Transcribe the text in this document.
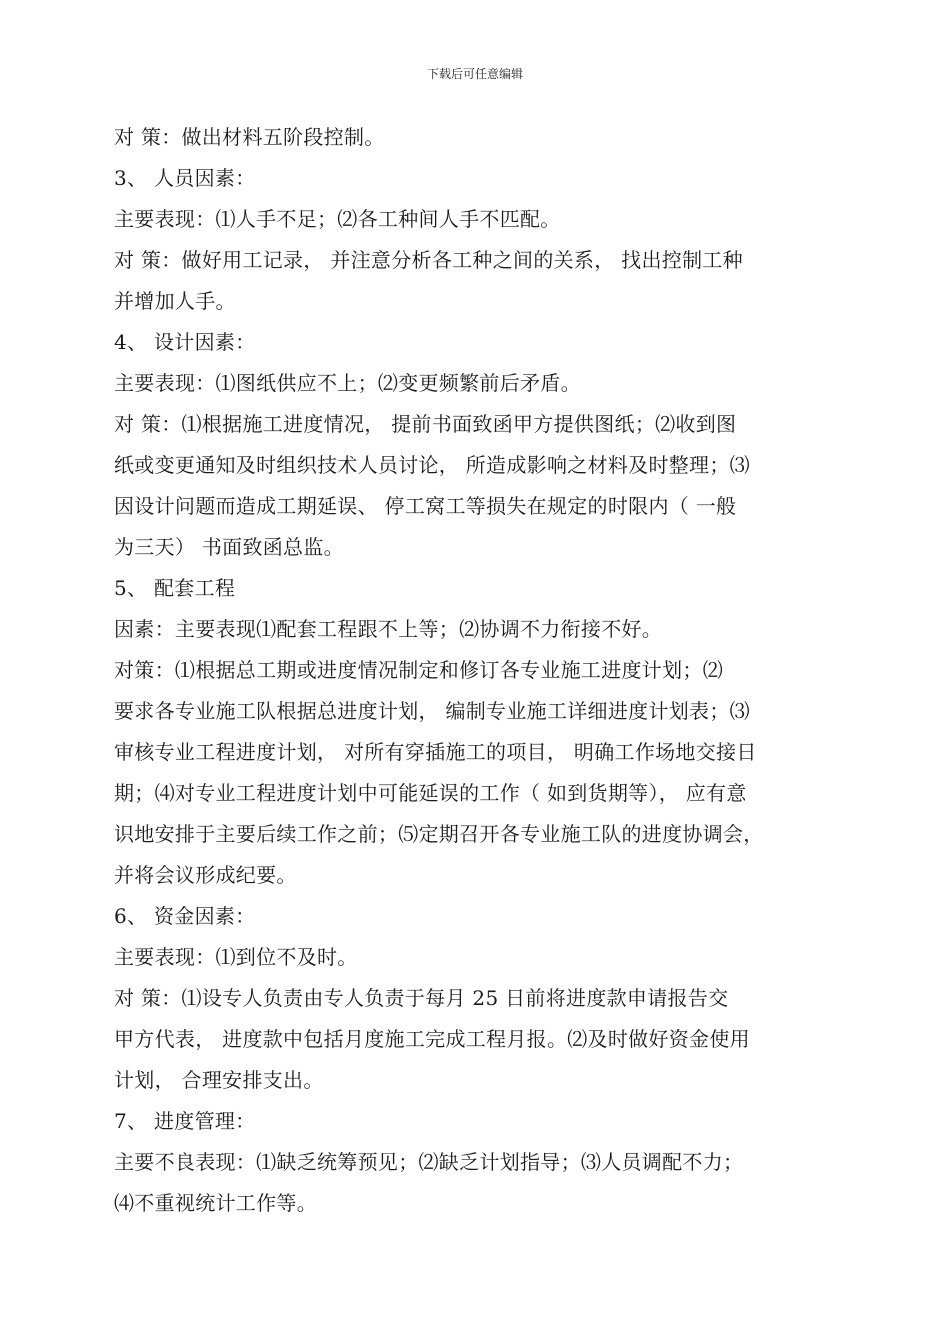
下载后可任意编辑
对 策：做出材料五阶段控制。
3、 人员因素：
主要表现：⑴人手不足；⑵各工种间人手不匹配。
对 策：做好用工记录， 并注意分析各工种之间的关系， 找出控制工种
并增加人手。
4、 设计因素：
主要表现：⑴图纸供应不上；⑵变更频繁前后矛盾。
对 策：⑴根据施工进度情况， 提前书面致函甲方提供图纸；⑵收到图
纸或变更通知及时组织技术人员讨论， 所造成影响之材料及时整理；⑶
因设计问题而造成工期延误、 停工窝工等损失在规定的时限内（ 一般
为三天） 书面致函总监。
5、 配套工程
因素：主要表现⑴配套工程跟不上等；⑵协调不力衔接不好。
对策：⑴根据总工期或进度情况制定和修订各专业施工进度计划；⑵
要求各专业施工队根据总进度计划， 编制专业施工详细进度计划表；⑶
审核专业工程进度计划， 对所有穿插施工的项目， 明确工作场地交接日
期；⑷对专业工程进度计划中可能延误的工作（ 如到货期等）， 应有意
识地安排于主要后续工作之前；⑸定期召开各专业施工队的进度协调会，
并将会议形成纪要。
6、 资金因素：
主要表现：⑴到位不及时。
对 策：⑴设专人负责由专人负责于每月 25 日前将进度款申请报告交
甲方代表， 进度款中包括月度施工完成工程月报。⑵及时做好资金使用
计划， 合理安排支出。
7、 进度管理：
主要不良表现：⑴缺乏统筹预见；⑵缺乏计划指导；⑶人员调配不力；
⑷不重视统计工作等。
